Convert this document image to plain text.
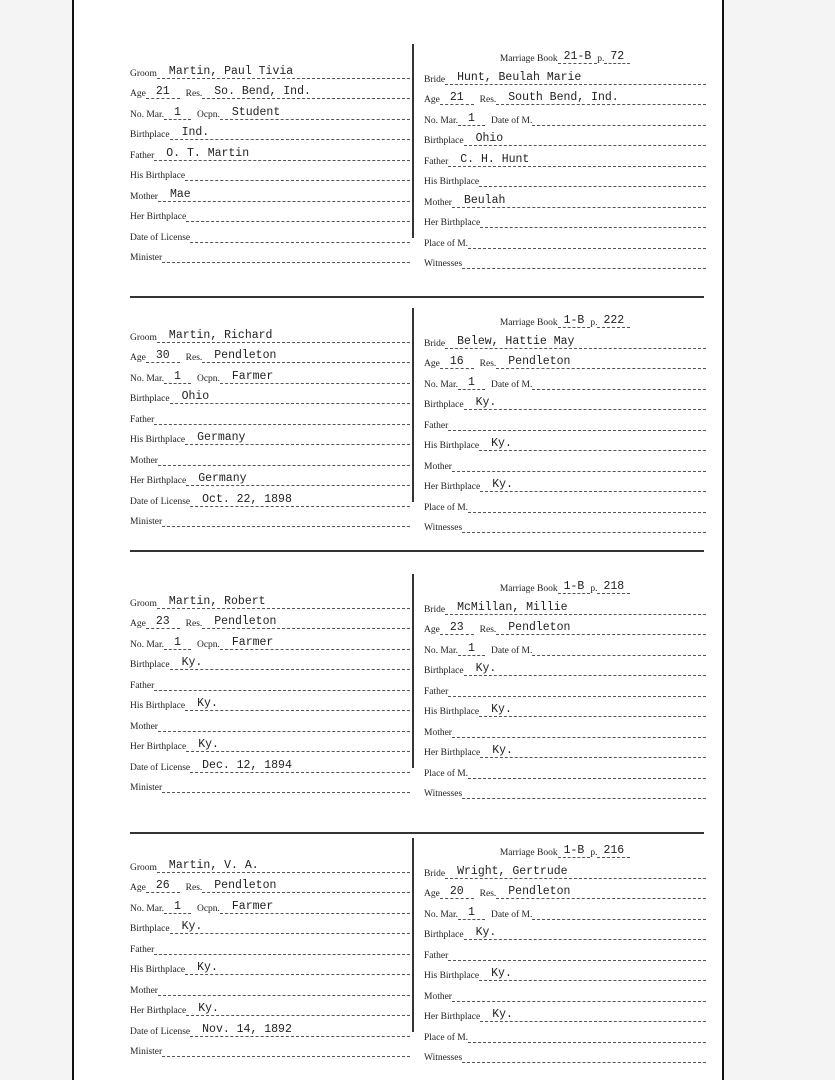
Groom	Martin, Paul Tivia
Age 21	Res.	So. Bend, Ind.
No. Mar. 1	Ocpn.	Student
Birthplace	Ind.
Father	O. T. Martin
His Birthplace
Mother	Mae
Her Birthplace
Date of License
Minister
Marriage Book 21-B p. 72
Bride	Hunt, Beulah Marie
Age 21	Res.	South Bend, Ind.
No. Mar. 1	Date of M.
Birthplace	Ohio
Father	C. H. Hunt
His Birthplace
Mother	Beulah
Her Birthplace
Place of M.
Witnesses
Groom	Martin, Richard
Age 30	Res.	Pendleton
No. Mar. 1	Ocpn.	Farmer
Birthplace	Ohio
Father
His Birthplace	Germany
Mother
Her Birthplace	Germany
Date of License	Oct. 22, 1898
Minister
Marriage Book 1-B p. 222
Bride	Belew, Hattie May
Age 16	Res.	Pendleton
No. Mar. 1	Date of M.
Birthplace	Ky.
Father
His Birthplace	Ky.
Mother
Her Birthplace	Ky.
Place of M.
Witnesses
Groom	Martin, Robert
Age 23	Res.	Pendleton
No. Mar. 1	Ocpn.	Farmer
Birthplace	Ky.
Father
His Birthplace	Ky.
Mother
Her Birthplace	Ky.
Date of License	Dec. 12, 1894
Minister
Marriage Book 1-B p. 218
Bride	McMillan, Millie
Age 23	Res.	Pendleton
No. Mar. 1	Date of M.
Birthplace	Ky.
Father
His Birthplace	Ky.
Mother
Her Birthplace	Ky.
Place of M.
Witnesses
Groom	Martin, V. A.
Age 26	Res.	Pendleton
No. Mar. 1	Ocpn.	Farmer
Birthplace	Ky.
Father
His Birthplace	Ky.
Mother
Her Birthplace	Ky.
Date of License	Nov. 14, 1892
Minister
Marriage Book 1-B p. 216
Bride	Wright, Gertrude
Age 20	Res.	Pendleton
No. Mar. 1	Date of M.
Birthplace	Ky.
Father
His Birthplace	Ky.
Mother
Her Birthplace	Ky.
Place of M.
Witnesses
